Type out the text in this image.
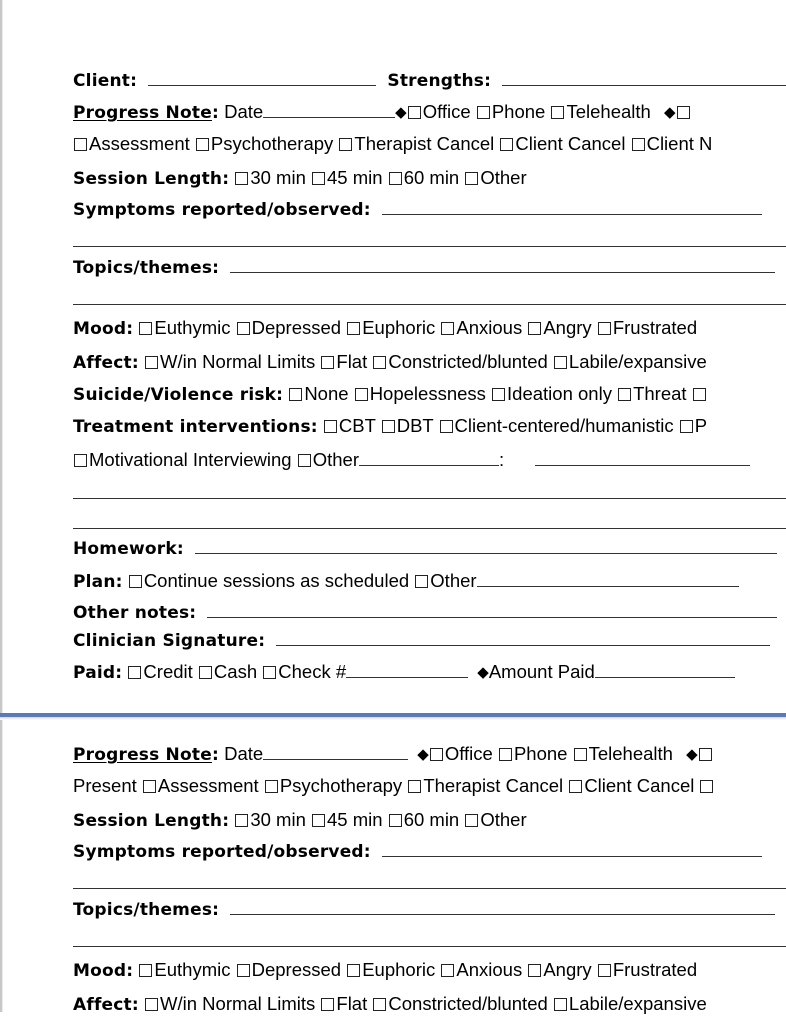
Client:	Strengths:
Progress Note: Date	◆ Office Phone Telehealth ◆
Assessment Psychotherapy Therapist Cancel Client Cancel Client N
Session Length: 30 min 45 min 60 min Other
Symptoms reported/observed:
Topics/themes:
Mood: Euthymic Depressed Euphoric Anxious Angry Frustrated
Affect: W/in Normal Limits Flat Constricted/blunted Labile/expansive
Suicide/Violence risk: None Hopelessness Ideation only Threat
Treatment interventions: CBT DBT Client-centered/humanistic P
Motivational Interviewing Other	:
Homework:
Plan: Continue sessions as scheduled Other
Other notes:
Clinician Signature:
Paid: Credit Cash Check #	◆Amount Paid
Progress Note: Date	◆ Office Phone Telehealth ◆
Present Assessment Psychotherapy Therapist Cancel Client Cancel
Session Length: 30 min 45 min 60 min Other
Symptoms reported/observed:
Topics/themes:
Mood: Euthymic Depressed Euphoric Anxious Angry Frustrated
Affect: W/in Normal Limits Flat Constricted/blunted Labile/expansive
